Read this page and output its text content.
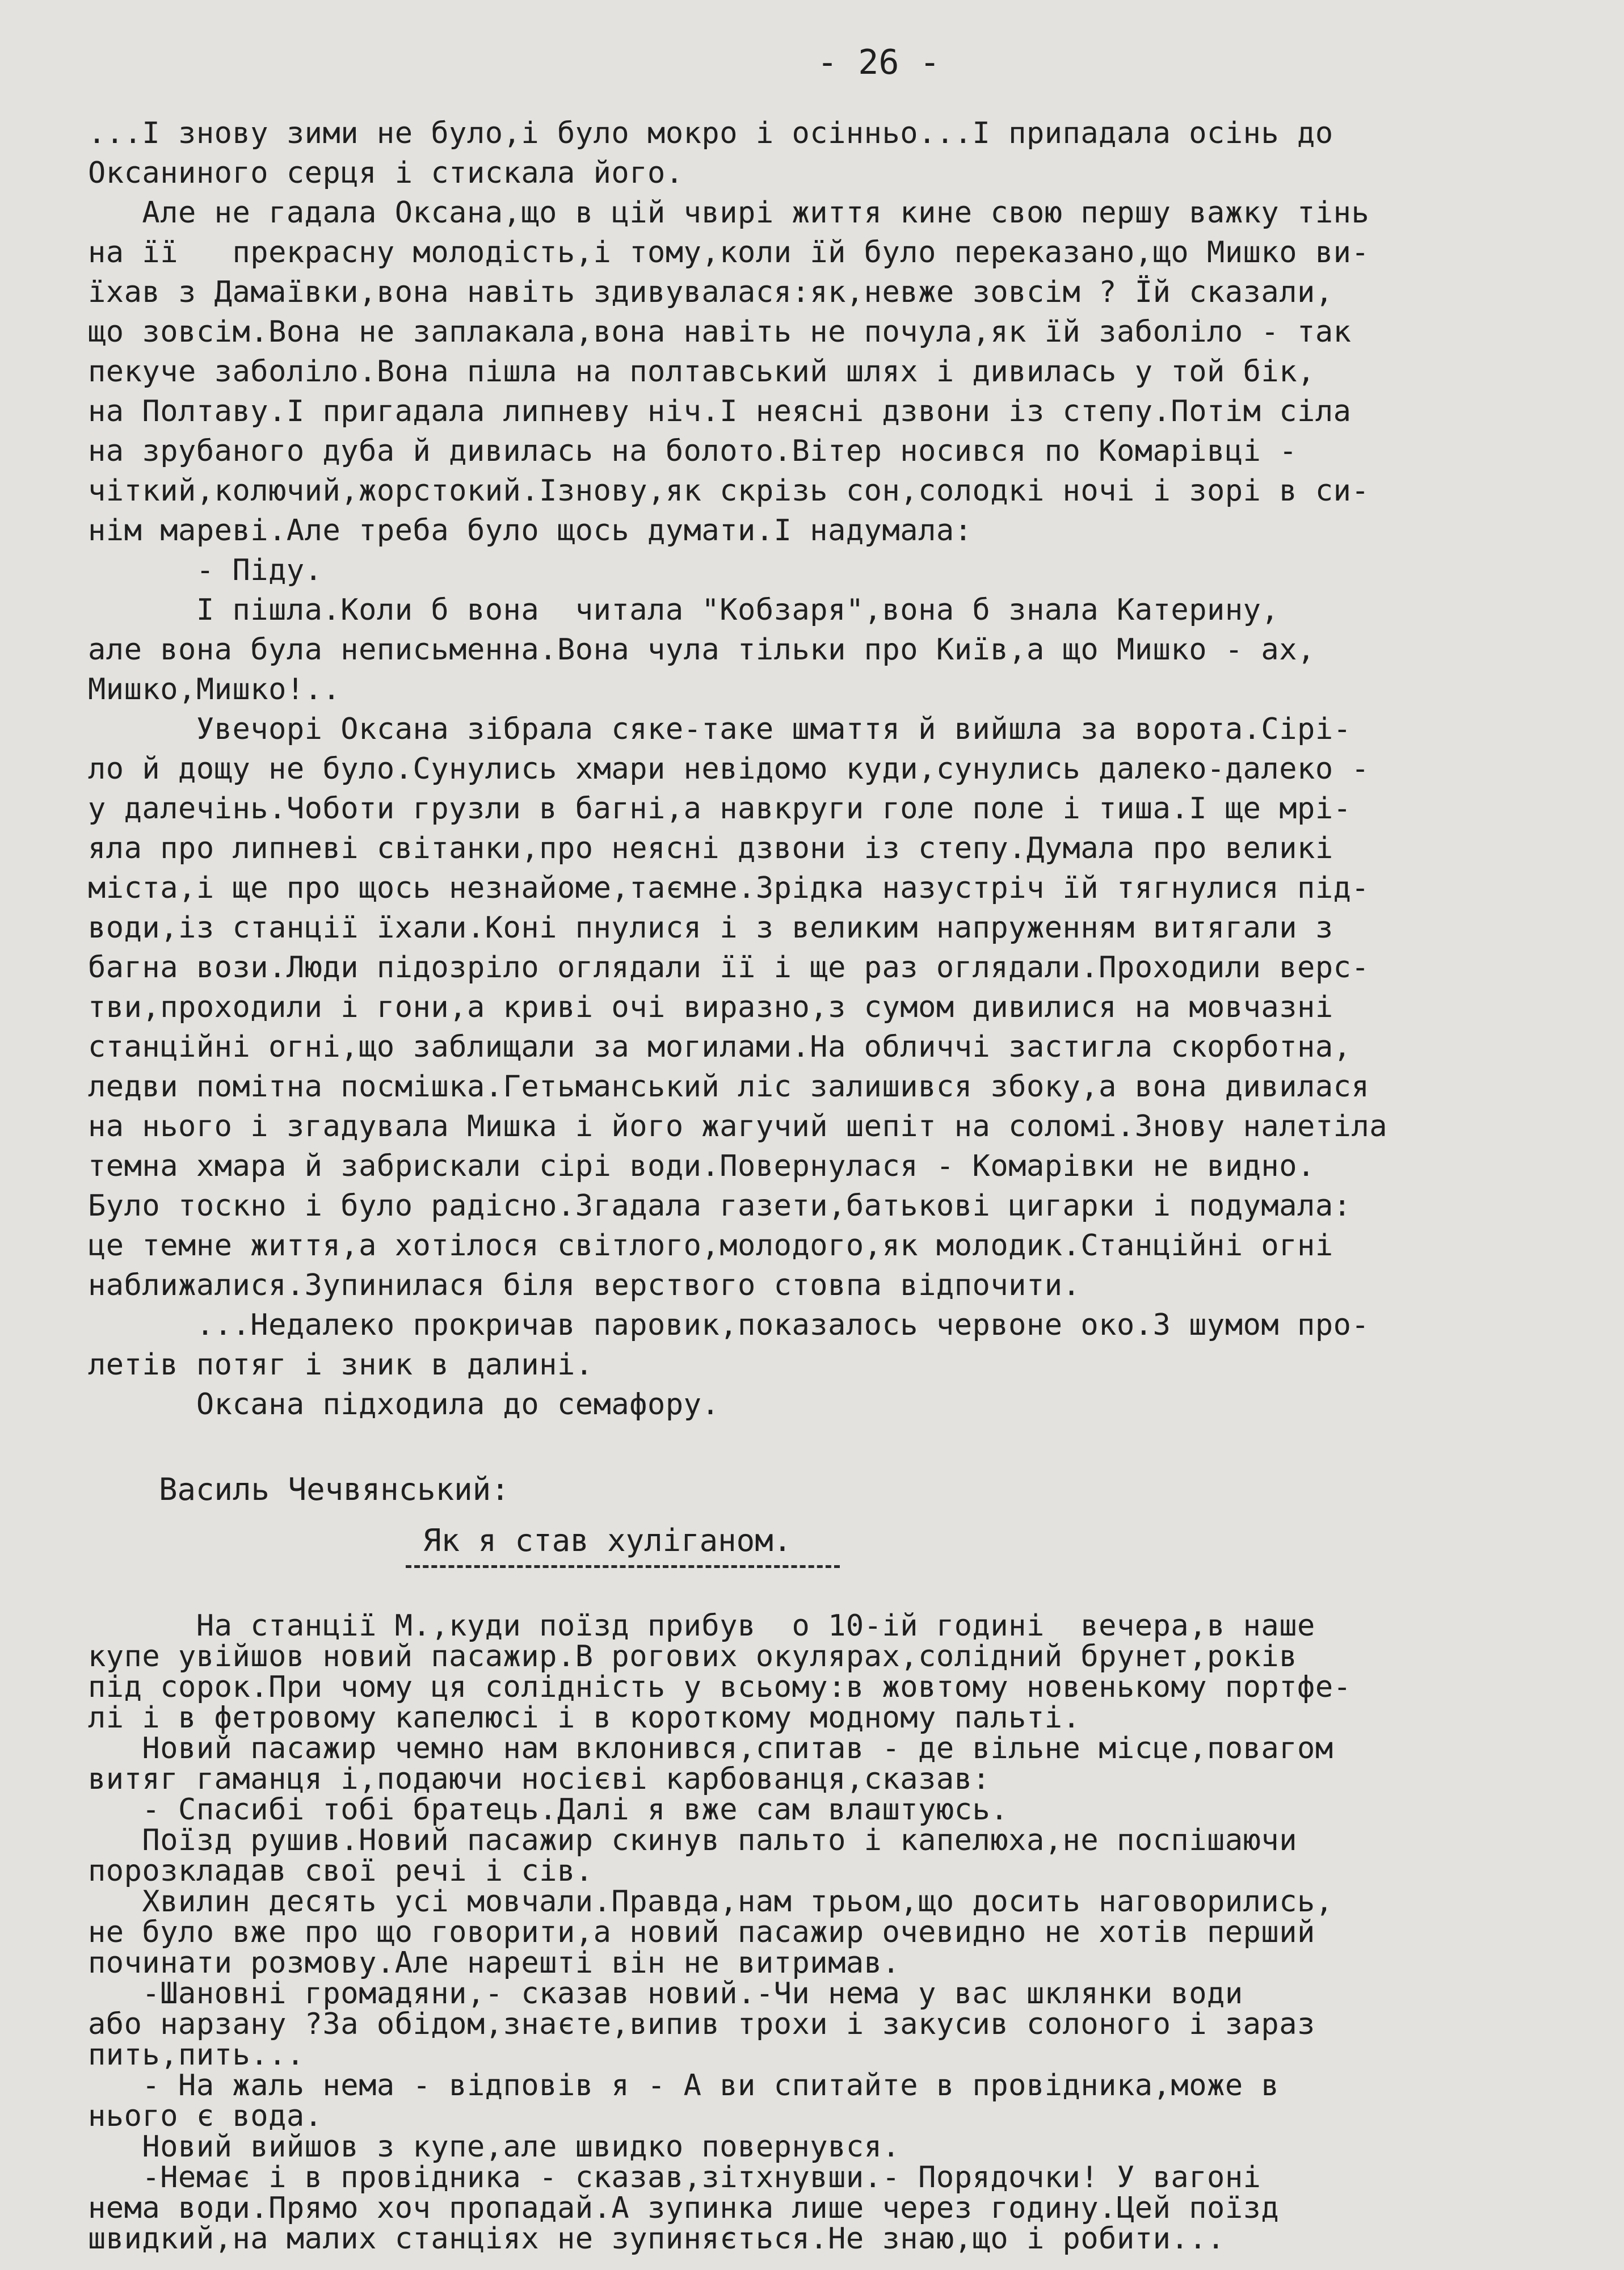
- 26 -
...І знову зими не було,і було мокро і осінньо...І припадала осінь до
Оксаниного серця і стискала його.
Але не гадала Оксана,що в цій чвирі життя кине свою першу важку тінь
на її   прекрасну молодість,і тому,коли їй було переказано,що Мишко ви-
їхав з Дамаївки,вона навіть здивувалася:як,невже зовсім ? Їй сказали,
що зовсім.Вона не заплакала,вона навіть не почула,як їй заболіло - так
пекуче заболіло.Вона пішла на полтавський шлях і дивилась у той бік,
на Полтаву.І пригадала липневу ніч.І неясні дзвони із степу.Потім сіла
на зрубаного дуба й дивилась на болото.Вітер носився по Комарівці -
чіткий,колючий,жорстокий.Ізнову,як скрізь сон,солодкі ночі і зорі в си-
нім мареві.Але треба було щось думати.І надумала:
- Піду.
І пішла.Коли б вона  читала "Кобзаря",вона б знала Катерину,
але вона була неписьменна.Вона чула тільки про Київ,а що Мишко - ах,
Мишко,Мишко!..
Увечорі Оксана зібрала сяке-таке шмаття й вийшла за ворота.Сірі-
ло й дощу не було.Сунулись хмари невідомо куди,сунулись далеко-далеко -
у далечінь.Чоботи грузли в багні,а навкруги голе поле і тиша.І ще мрі-
яла про липневі світанки,про неясні дзвони із степу.Думала про великі
міста,і ще про щось незнайоме,таємне.Зрідка назустріч їй тягнулися під-
води,із станції їхали.Коні пнулися і з великим напруженням витягали з
багна вози.Люди підозріло оглядали її і ще раз оглядали.Проходили верс-
тви,проходили і гони,а криві очі виразно,з сумом дивилися на мовчазні
станційні огні,що заблищали за могилами.На обличчі застигла скорботна,
ледви помітна посмішка.Гетьманський ліс залишився збоку,а вона дивилася
на нього і згадувала Мишка і його жагучий шепіт на соломі.Знову налетіла
темна хмара й забрискали сірі води.Повернулася - Комарівки не видно.
Було тоскно і було радісно.Згадала газети,батькові цигарки і подумала:
це темне життя,а хотілося світлого,молодого,як молодик.Станційні огні
наближалися.Зупинилася біля верствого стовпа відпочити.
...Недалеко прокричав паровик,показалось червоне око.З шумом про-
летів потяг і зник в далині.
Оксана підходила до семафору.
Василь Чечвянський:
Як я став хуліганом.
На станції М.,куди поїзд прибув  о 10-ій годині  вечера,в наше
купе увійшов новий пасажир.В рогових окулярах,солідний брунет,років
під сорок.При чому ця солідність у всьому:в жовтому новенькому портфе-
лі і в фетровому капелюсі і в короткому модному пальті.
Новий пасажир чемно нам вклонився,спитав - де вільне місце,повагом
витяг гаманця і,подаючи носієві карбованця,сказав:
- Спасибі тобі братець.Далі я вже сам влаштуюсь.
Поїзд рушив.Новий пасажир скинув пальто і капелюха,не поспішаючи
порозкладав свої речі і сів.
Хвилин десять усі мовчали.Правда,нам трьом,що досить наговорились,
не було вже про що говорити,а новий пасажир очевидно не хотів перший
починати розмову.Але нарешті він не витримав.
-Шановні громадяни,- сказав новий.-Чи нема у вас шклянки води
або нарзану ?За обідом,знаєте,випив трохи і закусив солоного і зараз
пить,пить...
- На жаль нема - відповів я - А ви спитайте в провідника,може в
нього є вода.
Новий вийшов з купе,але швидко повернувся.
-Немає і в провідника - сказав,зітхнувши.- Порядочки! У вагоні
нема води.Прямо хоч пропадай.А зупинка лише через годину.Цей поїзд
швидкий,на малих станціях не зупиняється.Не знаю,що і робити...
